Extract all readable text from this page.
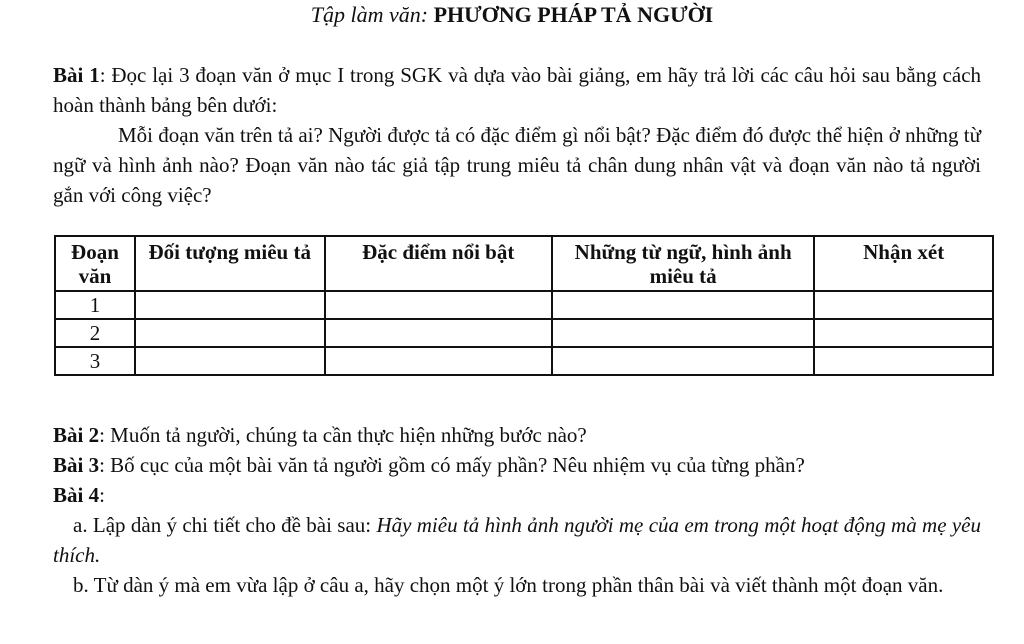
Tập làm văn: PHƯƠNG PHÁP TẢ NGƯỜI
Bài 1: Đọc lại 3 đoạn văn ở mục I trong SGK và dựa vào bài giảng, em hãy trả lời các câu hỏi sau bằng cách hoàn thành bảng bên dưới:
Mỗi đoạn văn trên tả ai? Người được tả có đặc điểm gì nổi bật? Đặc điểm đó được thể hiện ở những từ ngữ và hình ảnh nào? Đoạn văn nào tác giả tập trung miêu tả chân dung nhân vật và đoạn văn nào tả người gắn với công việc?
Đoạn văn	Đối tượng miêu tả	Đặc điểm nổi bật	Những từ ngữ, hình ảnh miêu tả	Nhận xét
1				
2				
3				

Bài 2: Muốn tả người, chúng ta cần thực hiện những bước nào?

Bài 3: Bố cục của một bài văn tả người gồm có mấy phần? Nêu nhiệm vụ của từng phần?

Bài 4:

a. Lập dàn ý chi tiết cho đề bài sau: Hãy miêu tả hình ảnh người mẹ của em trong một hoạt động mà mẹ yêu thích.

b. Từ dàn ý mà em vừa lập ở câu a, hãy chọn một ý lớn trong phần thân bài và viết thành một đoạn văn.
